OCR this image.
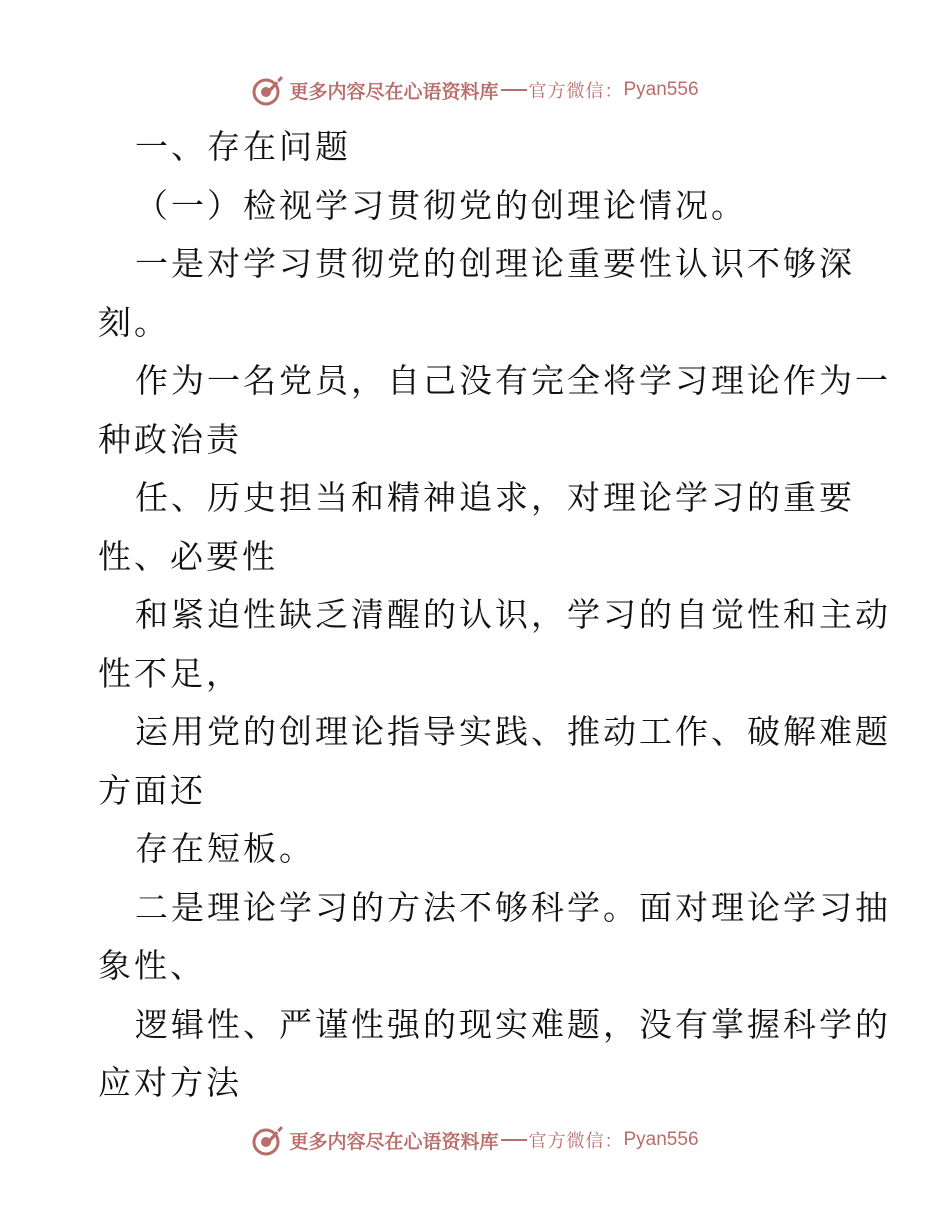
更多内容尽在心语资料库 官方微信： Pyan556
一、存在问题
（一）检视学习贯彻党的创理论情况。
一是对学习贯彻党的创理论重要性认识不够深
刻。
作为一名党员，自己没有完全将学习理论作为一
种政治责
任、历史担当和精神追求，对理论学习的重要
性、必要性
和紧迫性缺乏清醒的认识，学习的自觉性和主动
性不足，
运用党的创理论指导实践、推动工作、破解难题
方面还
存在短板。
二是理论学习的方法不够科学。面对理论学习抽
象性、
逻辑性、严谨性强的现实难题，没有掌握科学的
应对方法
更多内容尽在心语资料库 官方微信： Pyan556
